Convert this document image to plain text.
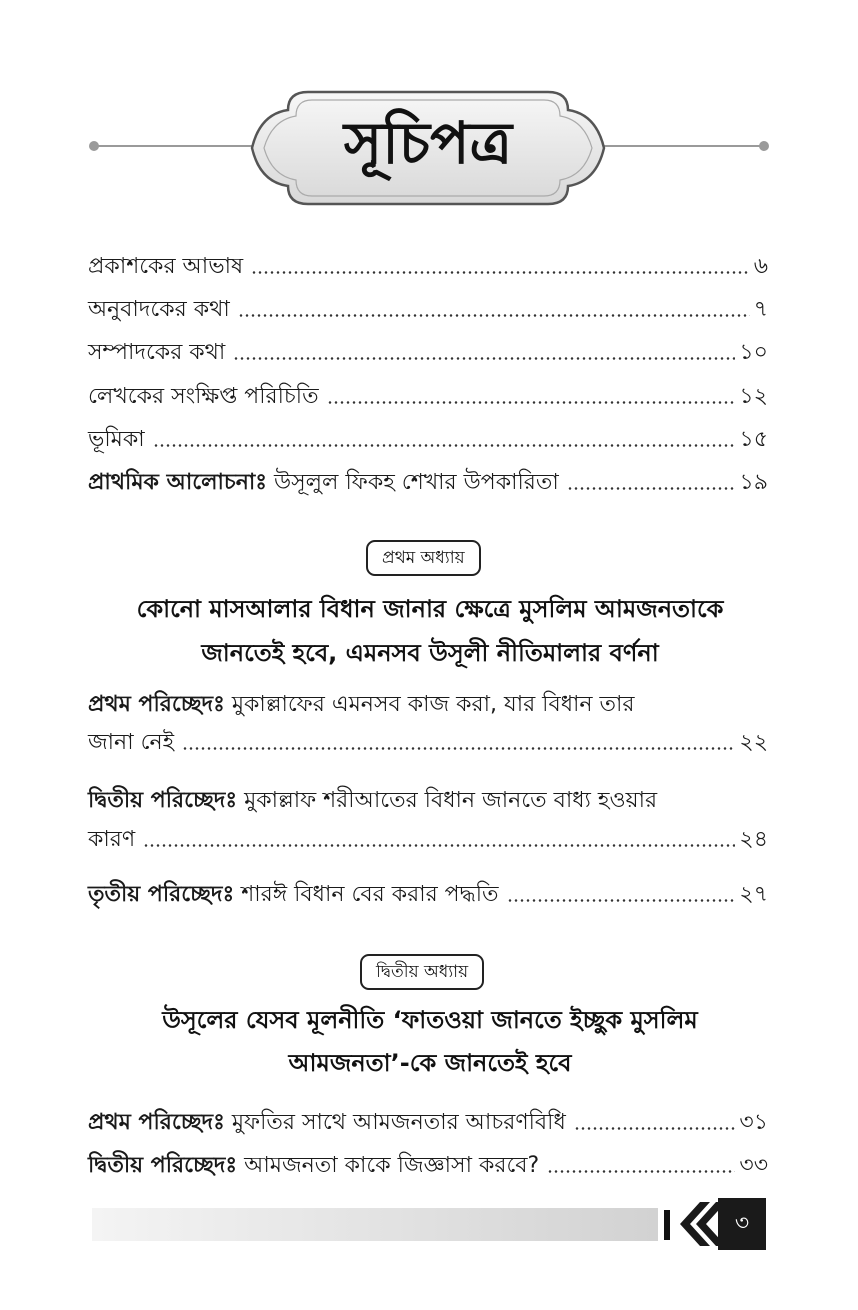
সূচিপত্র
প্রকাশকের আভাষ	৬
অনুবাদকের কথা	৭
সম্পাদকের কথা	১০
লেখকের সংক্ষিপ্ত পরিচিতি	১২
ভূমিকা	১৫
প্রাথমিক আলোচনাঃ উসূলুল ফিকহ শেখার উপকারিতা	১৯
প্রথম অধ্যায়
কোনো মাসআলার বিধান জানার ক্ষেত্রে মুসলিম আমজনতাকে
জানতেই হবে, এমনসব উসূলী নীতিমালার বর্ণনা
প্রথম পরিচ্ছেদঃ মুকাল্লাফের এমনসব কাজ করা, যার বিধান তার
জানা নেই	২২
দ্বিতীয় পরিচ্ছেদঃ মুকাল্লাফ শরীআতের বিধান জানতে বাধ্য হওয়ার
কারণ	২৪
তৃতীয় পরিচ্ছেদঃ শারঈ বিধান বের করার পদ্ধতি	২৭
দ্বিতীয় অধ্যায়
উসূলের যেসব মূলনীতি ‘ফাতওয়া জানতে ইচ্ছুক মুসলিম
আমজনতা’-কে জানতেই হবে
প্রথম পরিচ্ছেদঃ মুফতির সাথে আমজনতার আচরণবিধি	৩১
দ্বিতীয় পরিচ্ছেদঃ আমজনতা কাকে জিজ্ঞাসা করবে?	৩৩
৩
